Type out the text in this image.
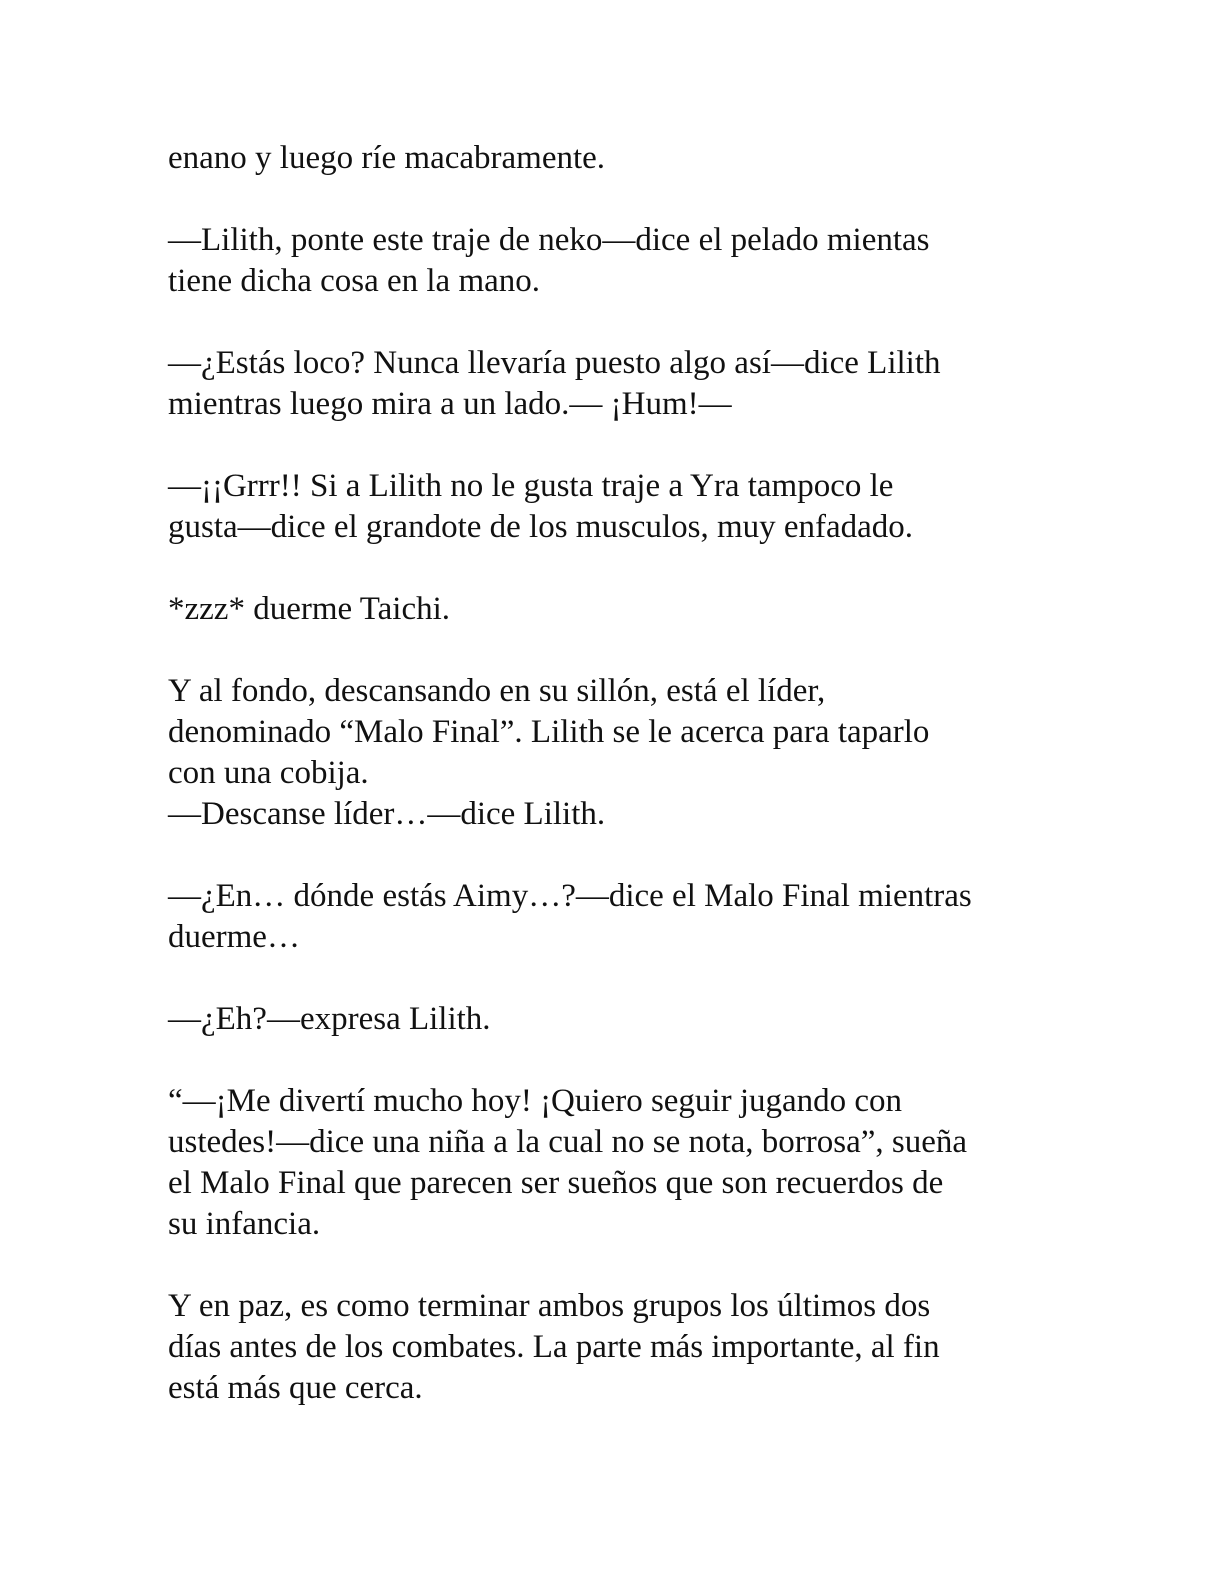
enano y luego ríe macabramente.

—Lilith, ponte este traje de neko—dice el pelado mientas
tiene dicha cosa en la mano.

—¿Estás loco? Nunca llevaría puesto algo así—dice Lilith
mientras luego mira a un lado.— ¡Hum!—

—¡¡Grrr!! Si a Lilith no le gusta traje a Yra tampoco le
gusta—dice el grandote de los musculos, muy enfadado.

*zzz* duerme Taichi.

Y al fondo, descansando en su sillón, está el líder,
denominado “Malo Final”. Lilith se le acerca para taparlo
con una cobija.
—Descanse líder…—dice Lilith.

—¿En… dónde estás Aimy…?—dice el Malo Final mientras
duerme…

—¿Eh?—expresa Lilith.

“—¡Me divertí mucho hoy! ¡Quiero seguir jugando con
ustedes!—dice una niña a la cual no se nota, borrosa”, sueña
el Malo Final que parecen ser sueños que son recuerdos de
su infancia.

Y en paz, es como terminar ambos grupos los últimos dos
días antes de los combates. La parte más importante, al fin
está más que cerca.
